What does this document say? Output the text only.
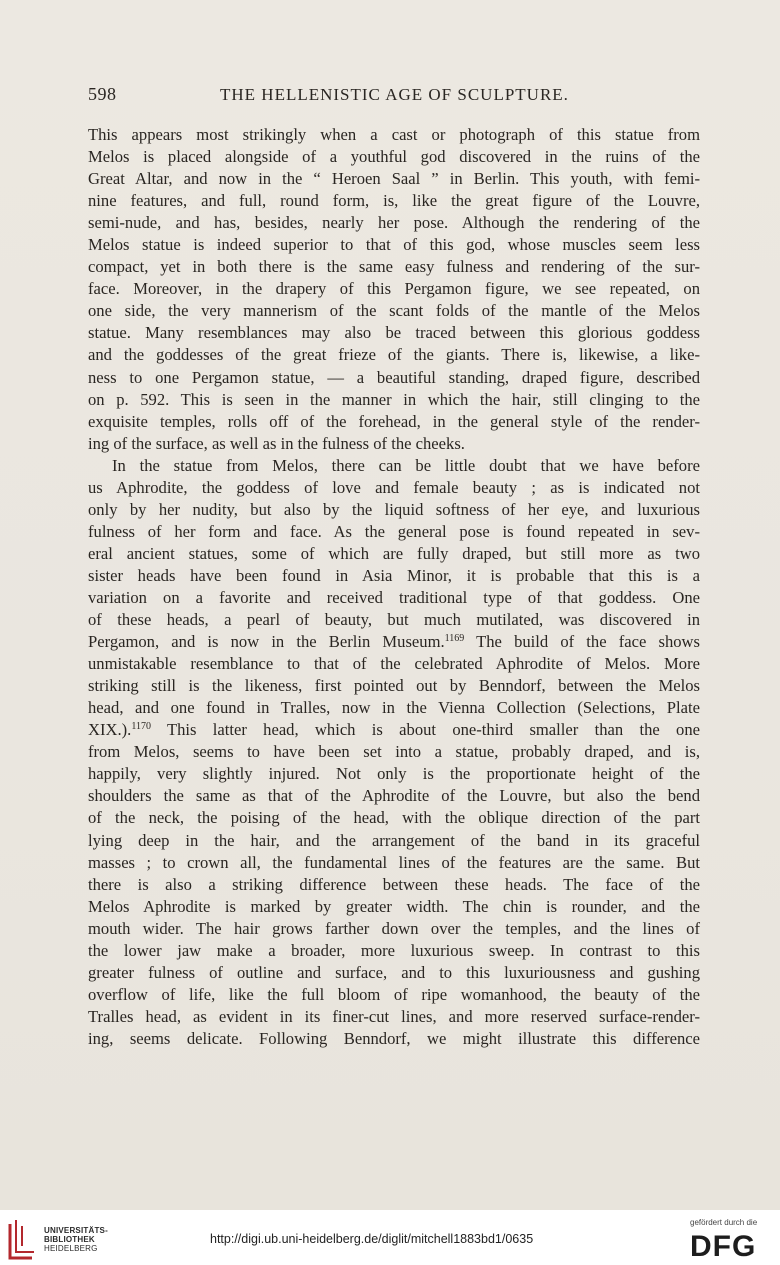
598	THE HELLENISTIC AGE OF SCULPTURE.
This appears most strikingly when a cast or photograph of this statue from
Melos is placed alongside of a youthful god discovered in the ruins of the
Great Altar, and now in the “ Heroen Saal ” in Berlin. This youth, with femi-
nine features, and full, round form, is, like the great figure of the Louvre,
semi-nude, and has, besides, nearly her pose. Although the rendering of the
Melos statue is indeed superior to that of this god, whose muscles seem less
compact, yet in both there is the same easy fulness and rendering of the sur-
face. Moreover, in the drapery of this Pergamon figure, we see repeated, on
one side, the very mannerism of the scant folds of the mantle of the Melos
statue. Many resemblances may also be traced between this glorious goddess
and the goddesses of the great frieze of the giants. There is, likewise, a like-
ness to one Pergamon statue, — a beautiful standing, draped figure, described
on p. 592. This is seen in the manner in which the hair, still clinging to the
exquisite temples, rolls off of the forehead, in the general style of the render-
ing of the surface, as well as in the fulness of the cheeks.
In the statue from Melos, there can be little doubt that we have before
us Aphrodite, the goddess of love and female beauty ; as is indicated not
only by her nudity, but also by the liquid softness of her eye, and luxurious
fulness of her form and face. As the general pose is found repeated in sev-
eral ancient statues, some of which are fully draped, but still more as two
sister heads have been found in Asia Minor, it is probable that this is a
variation on a favorite and received traditional type of that goddess. One
of these heads, a pearl of beauty, but much mutilated, was discovered in
Pergamon, and is now in the Berlin Museum.$^{1169}$ The build of the face shows
unmistakable resemblance to that of the celebrated Aphrodite of Melos. More
striking still is the likeness, first pointed out by Benndorf, between the Melos
head, and one found in Tralles, now in the Vienna Collection (Selections, Plate
XIX.).$^{1170}$ This latter head, which is about one-third smaller than the one
from Melos, seems to have been set into a statue, probably draped, and is,
happily, very slightly injured. Not only is the proportionate height of the
shoulders the same as that of the Aphrodite of the Louvre, but also the bend
of the neck, the poising of the head, with the oblique direction of the part
lying deep in the hair, and the arrangement of the band in its graceful
masses ; to crown all, the fundamental lines of the features are the same. But
there is also a striking difference between these heads. The face of the
Melos Aphrodite is marked by greater width. The chin is rounder, and the
mouth wider. The hair grows farther down over the temples, and the lines of
the lower jaw make a broader, more luxurious sweep. In contrast to this
greater fulness of outline and surface, and to this luxuriousness and gushing
overflow of life, like the full bloom of ripe womanhood, the beauty of the
Tralles head, as evident in its finer-cut lines, and more reserved surface-render-
ing, seems delicate. Following Benndorf, we might illustrate this difference
UNIVERSITÄTS-
BIBLIOTHEK
HEIDELBERG
http://digi.ub.uni-heidelberg.de/diglit/mitchell1883bd1/0635
gefördert durch die
DFG
